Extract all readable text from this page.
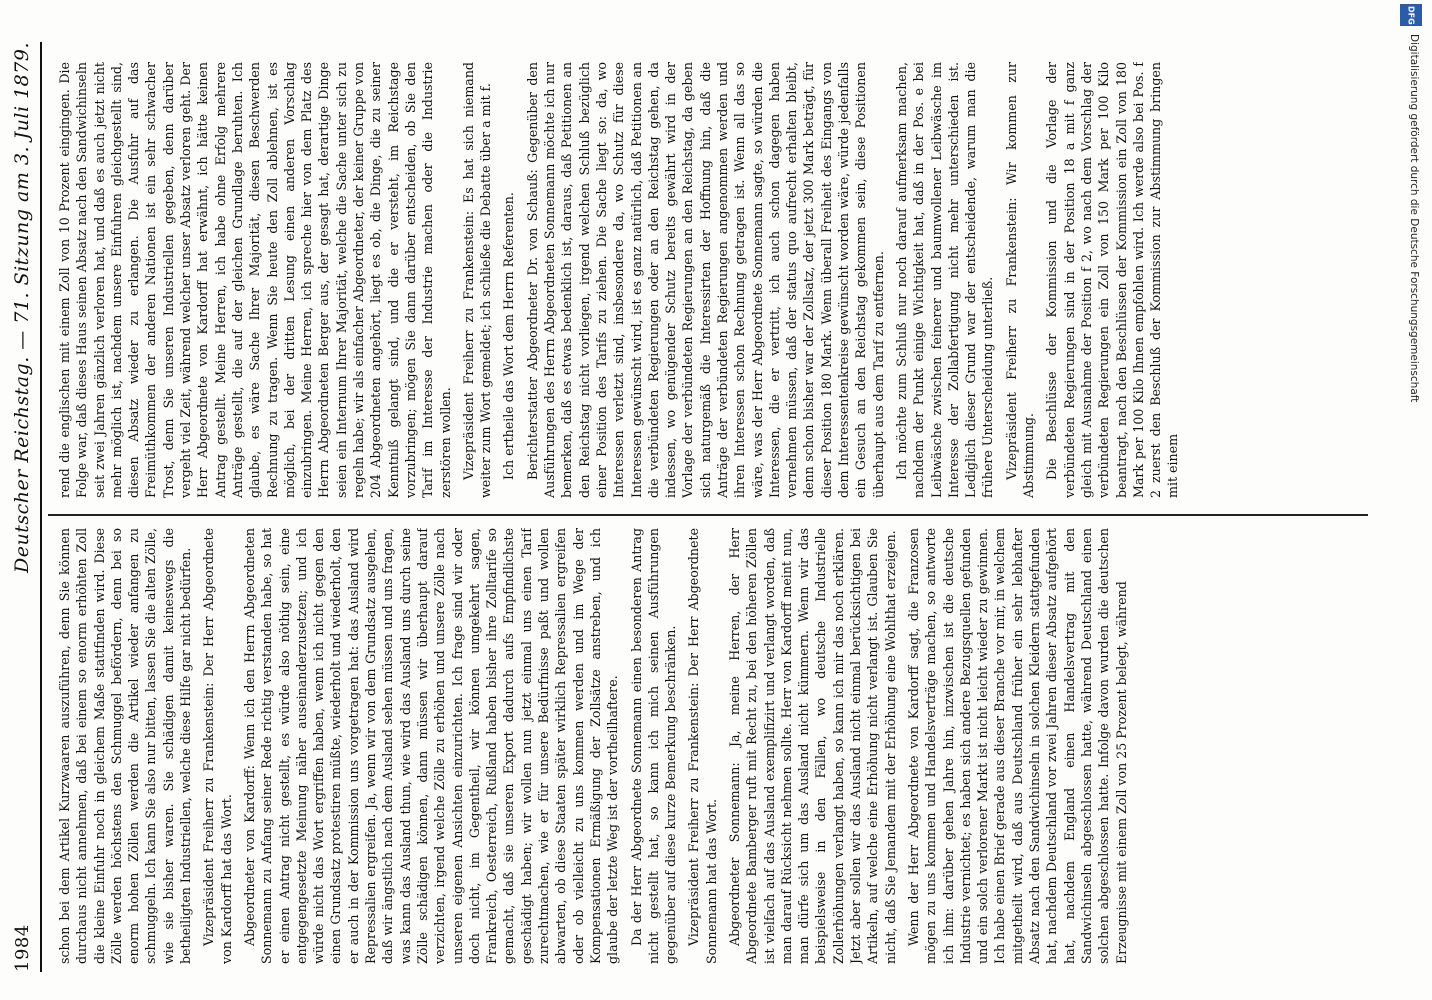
1984
Deutscher Reichstag. — 71. Sitzung am 3. Juli 1879.

schon bei dem Artikel Kurzwaaren auszuführen, denn Sie können durchaus nicht annehmen, daß bei einem so enorm erhöhten Zoll die kleine Einfuhr noch in gleichem Maße stattfinden wird. Diese Zölle werden höchstens den Schmuggel befördern, denn bei so enorm hohen Zöllen werden die Artikel wieder anfangen zu schmuggeln. Ich kann Sie also nur bitten, lassen Sie die alten Zölle, wie sie bisher waren. Sie schädigen damit keineswegs die betheiligten Industriellen, welche diese Hilfe gar nicht bedürfen. Vizepräsident Freiherr zu Frankenstein: Der Herr Abgeordnete von Kardorff hat das Wort. Abgeordneter von Kardorff: Wenn ich den Herrn Abgeordneten Sonnemann zu Anfang seiner Rede richtig verstanden habe, so hat er einen Antrag nicht gestellt, es würde also nöthig sein, eine entgegengesetzte Meinung näher auseinanderzusetzen; und ich würde nicht das Wort ergriffen haben, wenn ich nicht gegen den einen Grundsatz protestiren müßte, wiederholt und wiederholt, den er auch in der Kommission uns vorgetragen hat: das Ausland wird Repressalien ergreifen. Ja, wenn wir von dem Grundsatz ausgehen, daß wir ängstlich nach dem Ausland sehen müssen und uns fragen, was kann das Ausland thun, wie wird das Ausland uns durch seine Zölle schädigen können, dann müssen wir überhaupt darauf verzichten, irgend welche Zölle zu erhöhen und unsere Zölle nach unseren eigenen Ansichten einzurichten. Ich frage sind wir oder doch nicht, im Gegentheil, wir können umgekehrt sagen, Frankreich, Oesterreich, Rußland haben bisher ihre Zolltarife so gemacht, daß sie unseren Export dadurch aufs Empfindlichste geschädigt haben; wir wollen nun jetzt einmal uns einen Tarif zurechtmachen, wie er für unsere Bedürfnisse paßt und wollen abwarten, ob diese Staaten später wirklich Repressalien ergreifen oder ob vielleicht zu uns kommen werden und im Wege der Kompensationen Ermäßigung der Zollsätze anstreben, und ich glaube der letzte Weg ist der vortheilhaftere. Da der Herr Abgeordnete Sonnemann einen besonderen Antrag nicht gestellt hat, so kann ich mich seinen Ausführungen gegenüber auf diese kurze Bemerkung beschränken. Vizepräsident Freiherr zu Frankenstein: Der Herr Abgeordnete Sonnemann hat das Wort. Abgeordneter Sonnemann: Ja, meine Herren, der Herr Abgeordnete Bamberger ruft mit Recht zu, bei den höheren Zöllen ist vielfach auf das Ausland exemplifizirt und verlangt worden, daß man darauf Rücksicht nehmen sollte. Herr von Kardorff meint nun, man dürfe sich um das Ausland nicht kümmern. Wenn wir das beispielsweise in den Fällen, wo deutsche Industrielle Zollerhöhungen verlangt haben, so kann ich mir das noch erklären. Jetzt aber sollen wir das Ausland nicht einmal berücksichtigen bei Artikeln, auf welche eine Erhöhung nicht verlangt ist. Glauben Sie nicht, daß Sie Jemandem mit der Erhöhung eine Wohlthat erzeigen. Wenn der Herr Abgeordnete von Kardorff sagt, die Franzosen mögen zu uns kommen und Handelsverträge machen, so antworte ich ihm: darüber gehen Jahre hin, inzwischen ist die deutsche Industrie vernichtet; es haben sich andere Bezugsquellen gefunden und ein solch verlorener Markt ist nicht leicht wieder zu gewinnen. Ich habe einen Brief gerade aus dieser Branche vor mir, in welchem mitgetheilt wird, daß aus Deutschland früher ein sehr lebhafter Absatz nach den Sandwichinseln in solchen Kleidern stattgefunden hat, nachdem Deutschland vor zwei Jahren dieser Absatz aufgehört hat, nachdem England einen Handelsvertrag mit den Sandwichinseln abgeschlossen hatte, während Deutschland einen solchen abgeschlossen hatte. Infolge davon wurden die deutschen Erzeugnisse mit einem Zoll von 25 Prozent belegt, während

rend die englischen mit einem Zoll von 10 Prozent eingingen. Die Folge war, daß dieses Haus seinen Absatz nach den Sandwichinseln seit zwei Jahren gänzlich verloren hat, und daß es auch jetzt nicht mehr möglich ist, nachdem unsere Einfuhren gleichgestellt sind, diesen Absatz wieder zu erlangen. Die Ausfuhr auf das Freimüthkommen der anderen Nationen ist ein sehr schwacher Trost, denn Sie unseren Industriellen gegeben, denn darüber vergeht viel Zeit, während welcher unser Absatz verloren geht. Der Herr Abgeordnete von Kardorff hat erwähnt, ich hätte keinen Antrag gestellt. Meine Herren, ich habe ohne Erfolg mehrere Anträge gestellt, die auf der gleichen Grundlage beruhten. Ich glaube, es wäre Sache Ihrer Majorität, diesen Beschwerden Rechnung zu tragen. Wenn Sie heute den Zoll ablehnen, ist es möglich, bei der dritten Lesung einen anderen Vorschlag einzubringen. Meine Herren, ich spreche hier von dem Platz des Herrn Abgeordneten Berger aus, der gesagt hat, derartige Dinge seien ein Internum Ihrer Majorität, welche die Sache unter sich zu regeln habe; wir als einfacher Abgeordneter, der keiner Gruppe von 204 Abgeordneten angehört, liegt es ob, die Dinge, die zu seiner Kenntniß gelangt sind, und die er versteht, im Reichstage vorzubringen; mögen Sie dann darüber entscheiden, ob Sie den Tarif im Interesse der Industrie machen oder die Industrie zerstören wollen. Vizepräsident Freiherr zu Frankenstein: Es hat sich niemand weiter zum Wort gemeldet; ich schließe die Debatte über a mit f. Ich ertheile das Wort dem Herrn Referenten. Berichterstatter Abgeordneter Dr. von Schauß: Gegenüber den Ausführungen des Herrn Abgeordneten Sonnemann möchte ich nur bemerken, daß es etwas bedenklich ist, daraus, daß Petitionen an den Reichstag nicht vorliegen, irgend welchen Schluß bezüglich einer Position des Tarifs zu ziehen. Die Sache liegt so: da, wo Interessen verletzt sind, insbesondere da, wo Schutz für diese Interessen gewünscht wird, ist es ganz natürlich, daß Petitionen an die verbündeten Regierungen oder an den Reichstag gehen, da indessen, wo genügender Schutz bereits gewährt wird in der Vorlage der verbündeten Regierungen an den Reichstag, da geben sich naturgemäß die Interessirten der Hoffnung hin, daß die Anträge der verbündeten Regierungen angenommen werden und ihren Interessen schon Rechnung getragen ist. Wenn all das so wäre, was der Herr Abgeordnete Sonnemann sagte, so würden die Interessen, die er vertritt, ich auch schon dagegen haben vernehmen müssen, daß der status quo aufrecht erhalten bleibt, denn schon bisher war der Zollsatz, der jetzt 300 Mark beträgt, für dieser Position 180 Mark. Wenn überall Freiheit des Eingangs von dem Interessentenkreise gewünscht worden wäre, würde jedenfalls ein Gesuch an den Reichstag gekommen sein, diese Positionen überhaupt aus dem Tarif zu entfernen. Ich möchte zum Schluß nur noch darauf aufmerksam machen, nachdem der Punkt einige Wichtigkeit hat, daß in der Pos. e bei Leibwäsche zwischen feinerer und baumwollener Leibwäsche im Interesse der Zollabfertigung nicht mehr unterschieden ist. Lediglich dieser Grund war der entscheidende, warum man die frühere Unterscheidung unterließ. Vizepräsident Freiherr zu Frankenstein: Wir kommen zur Abstimmung. Die Beschlüsse der Kommission und die Vorlage der verbündeten Regierungen sind in der Position 18 a mit f ganz gleich mit Ausnahme der Position f 2, wo nach dem Vorschlag der verbündeten Regierungen ein Zoll von 150 Mark per 100 Kilo beantragt, nach den Beschlüssen der Kommission ein Zoll von 180 Mark per 100 Kilo Ihnen empfohlen wird. Ich werde also bei Pos. f 2 zuerst den Beschluß der Kommission zur Abstimmung bringen mit einem

DFG
Digitalisierung gefördert durch die Deutsche Forschungsgemeinschaft
